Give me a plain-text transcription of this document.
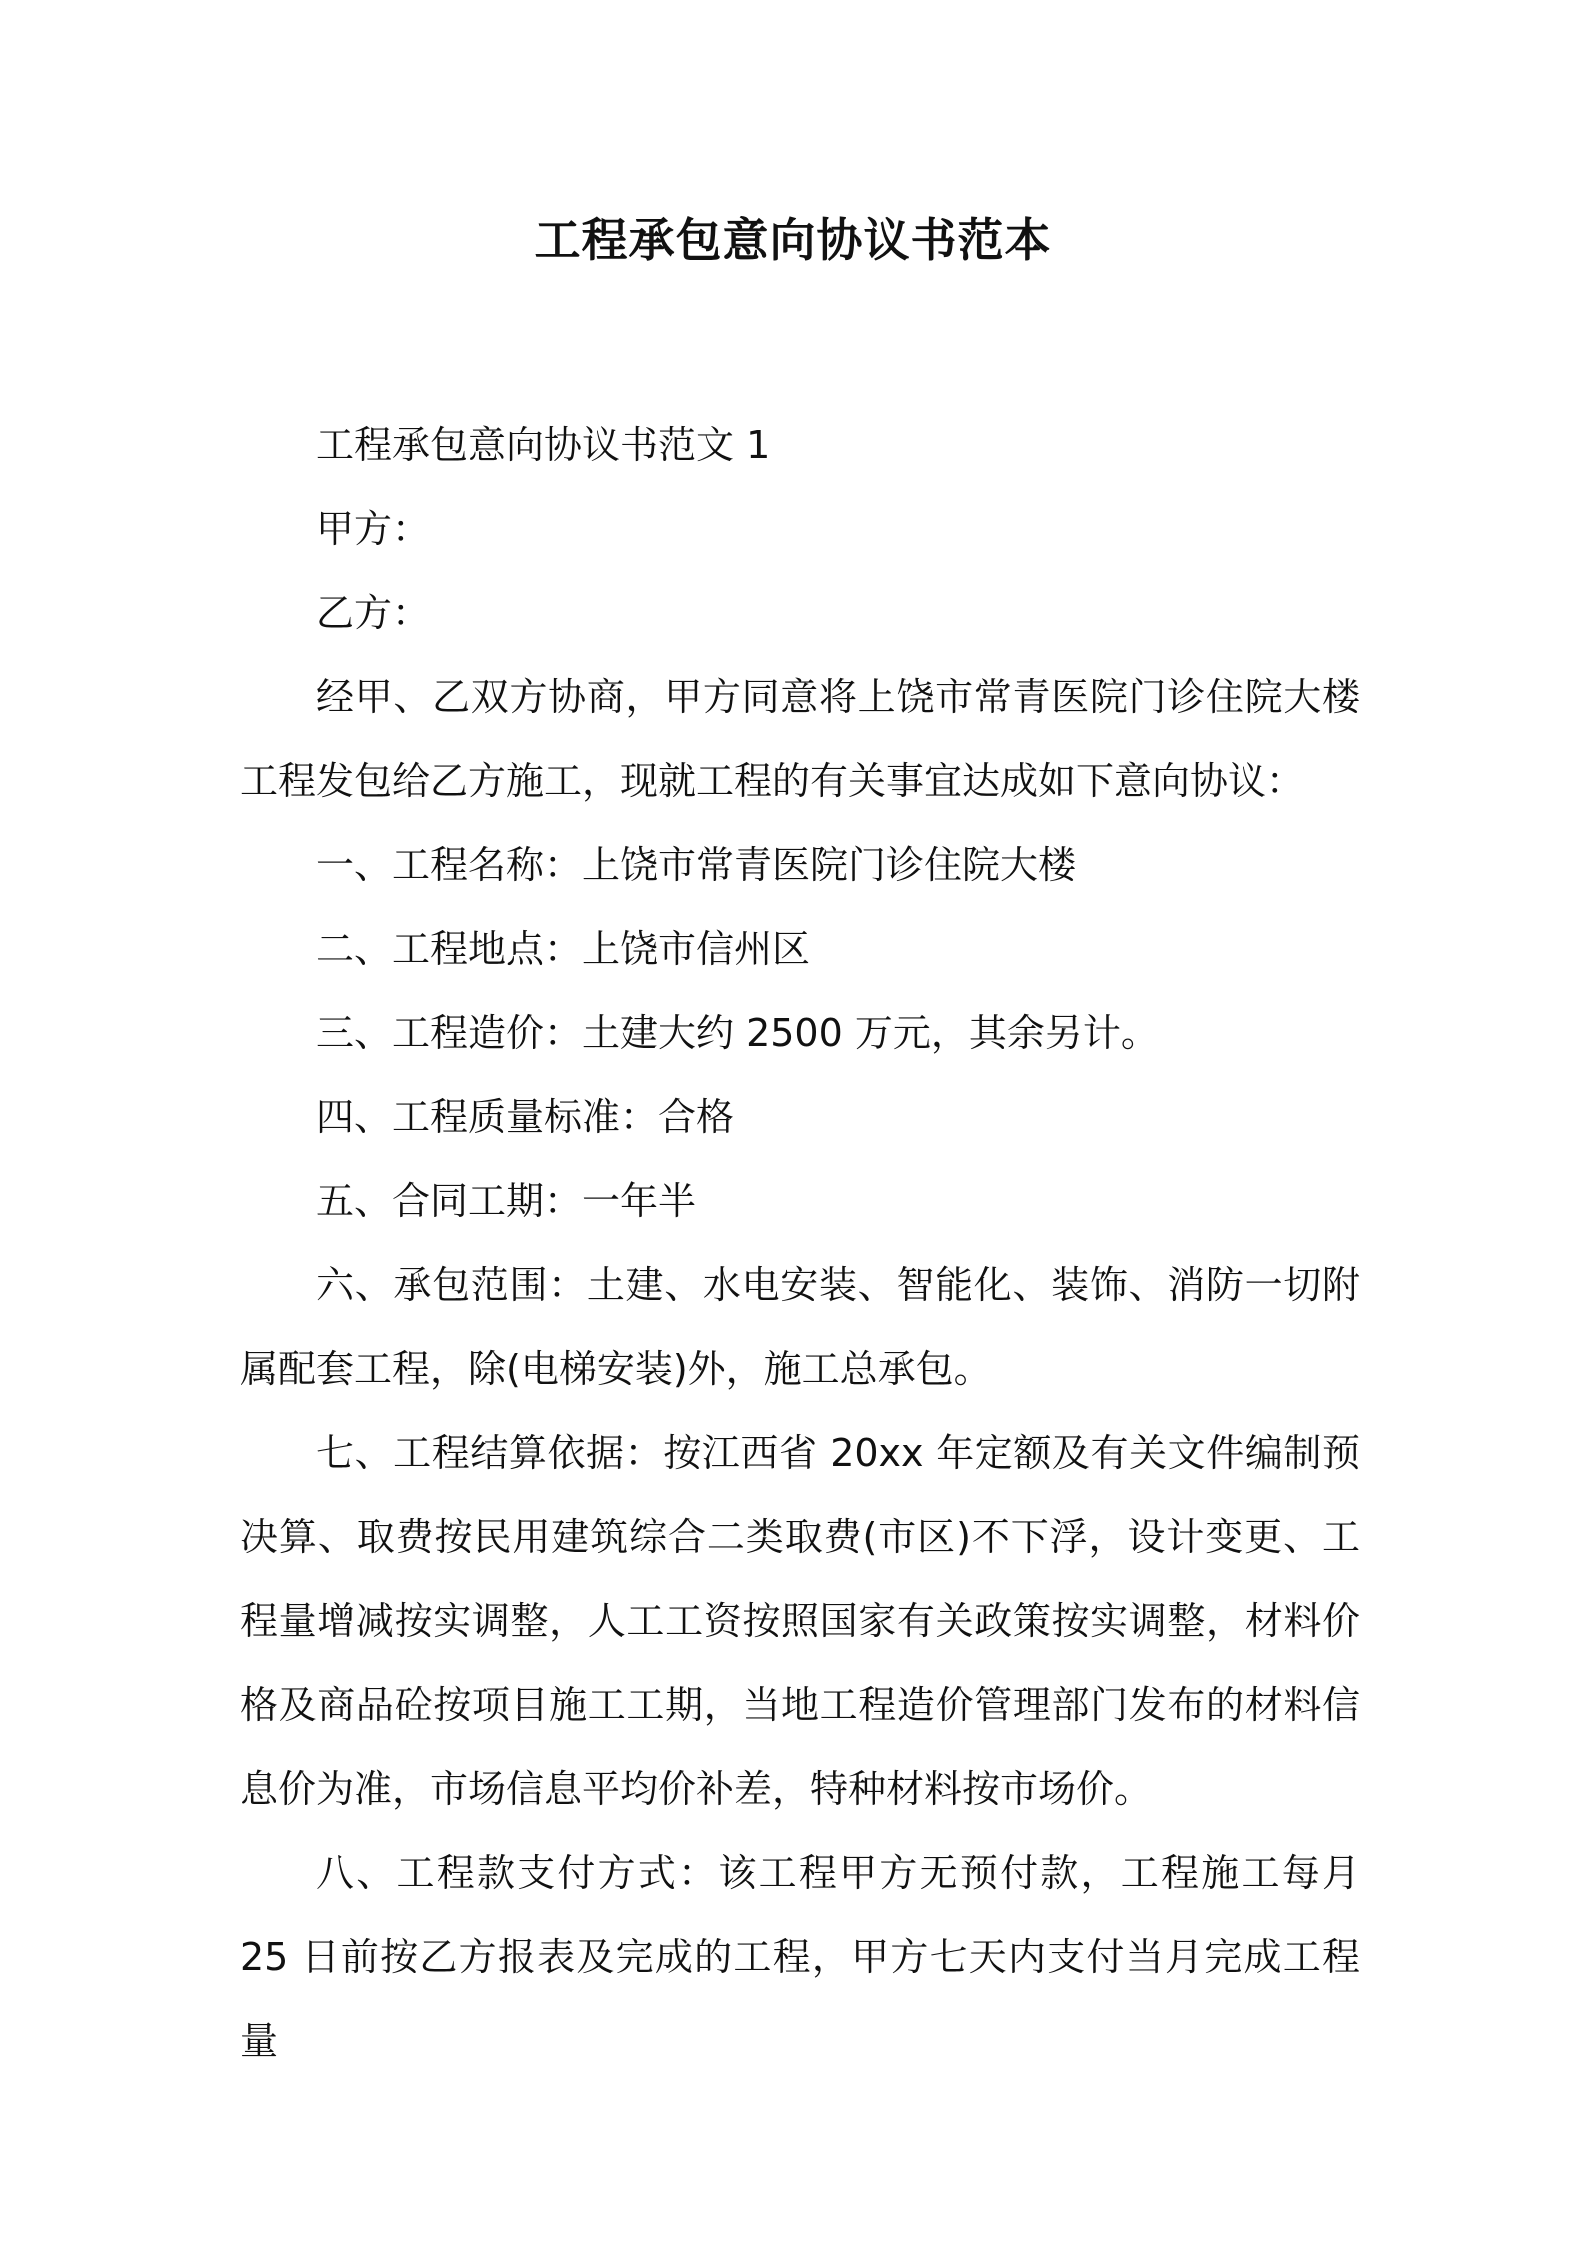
工程承包意向协议书范本

工程承包意向协议书范文 1

甲方：

乙方：

经甲、乙双方协商，甲方同意将上饶市常青医院门诊住院大楼工程发包给乙方施工，现就工程的有关事宜达成如下意向协议：

一、工程名称：上饶市常青医院门诊住院大楼

二、工程地点：上饶市信州区

三、工程造价：土建大约 2500 万元，其余另计。

四、工程质量标准：合格

五、合同工期：一年半

六、承包范围：土建、水电安装、智能化、装饰、消防一切附属配套工程，除(电梯安装)外，施工总承包。

七、工程结算依据：按江西省 20xx 年定额及有关文件编制预决算、取费按民用建筑综合二类取费(市区)不下浮，设计变更、工程量增减按实调整，人工工资按照国家有关政策按实调整，材料价格及商品砼按项目施工工期，当地工程造价管理部门发布的材料信息价为准，市场信息平均价补差，特种材料按市场价。

八、工程款支付方式：该工程甲方无预付款，工程施工每月 25 日前按乙方报表及完成的工程，甲方七天内支付当月完成工程量
